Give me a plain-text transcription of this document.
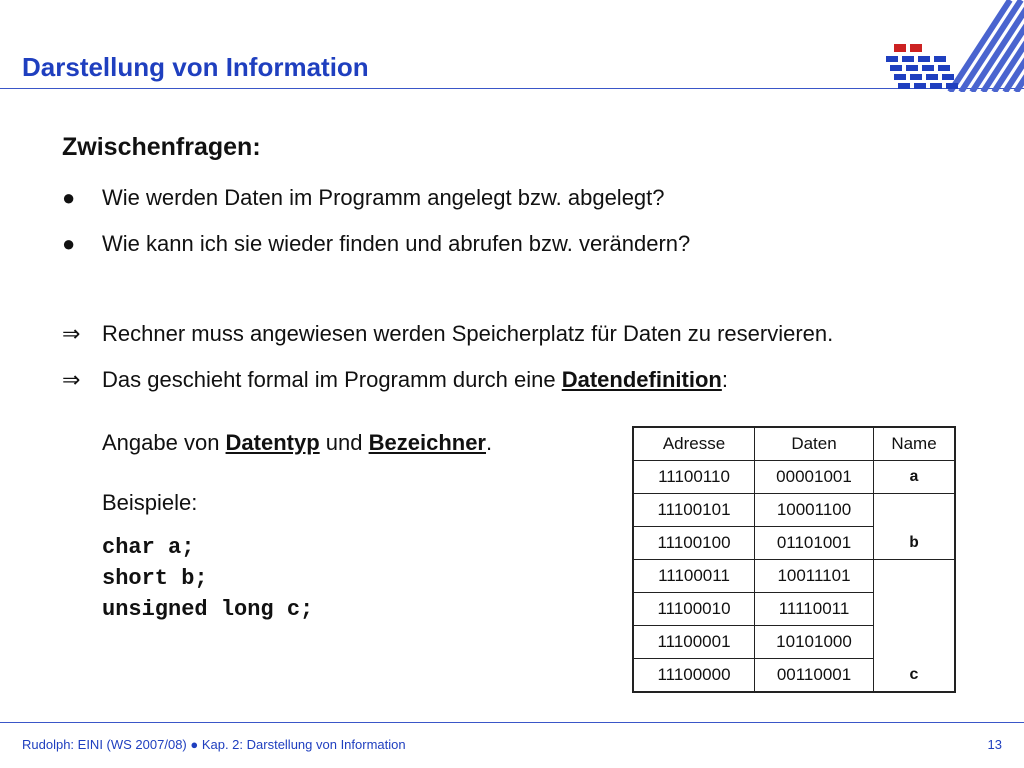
Darstellung von Information
Zwischenfragen:
●	Wie werden Daten im Programm angelegt bzw. abgelegt?
●	Wie kann ich sie wieder finden und abrufen bzw. verändern?
⇒ Rechner muss angewiesen werden Speicherplatz für Daten zu reservieren.
⇒ Das geschieht formal im Programm durch eine Datendefinition:
Angabe von Datentyp und Bezeichner.
Beispiele:
char a;
short b;
unsigned long c;
Adresse	Daten	Name
11100110	00001001	a
11100101	10001100	
11100100	01101001	b
11100011	10011101	
11100010	11110011	
11100001	10101000	
11100000	00110001	c
Rudolph: EINI (WS 2007/08) ● Kap. 2: Darstellung von Information	13
